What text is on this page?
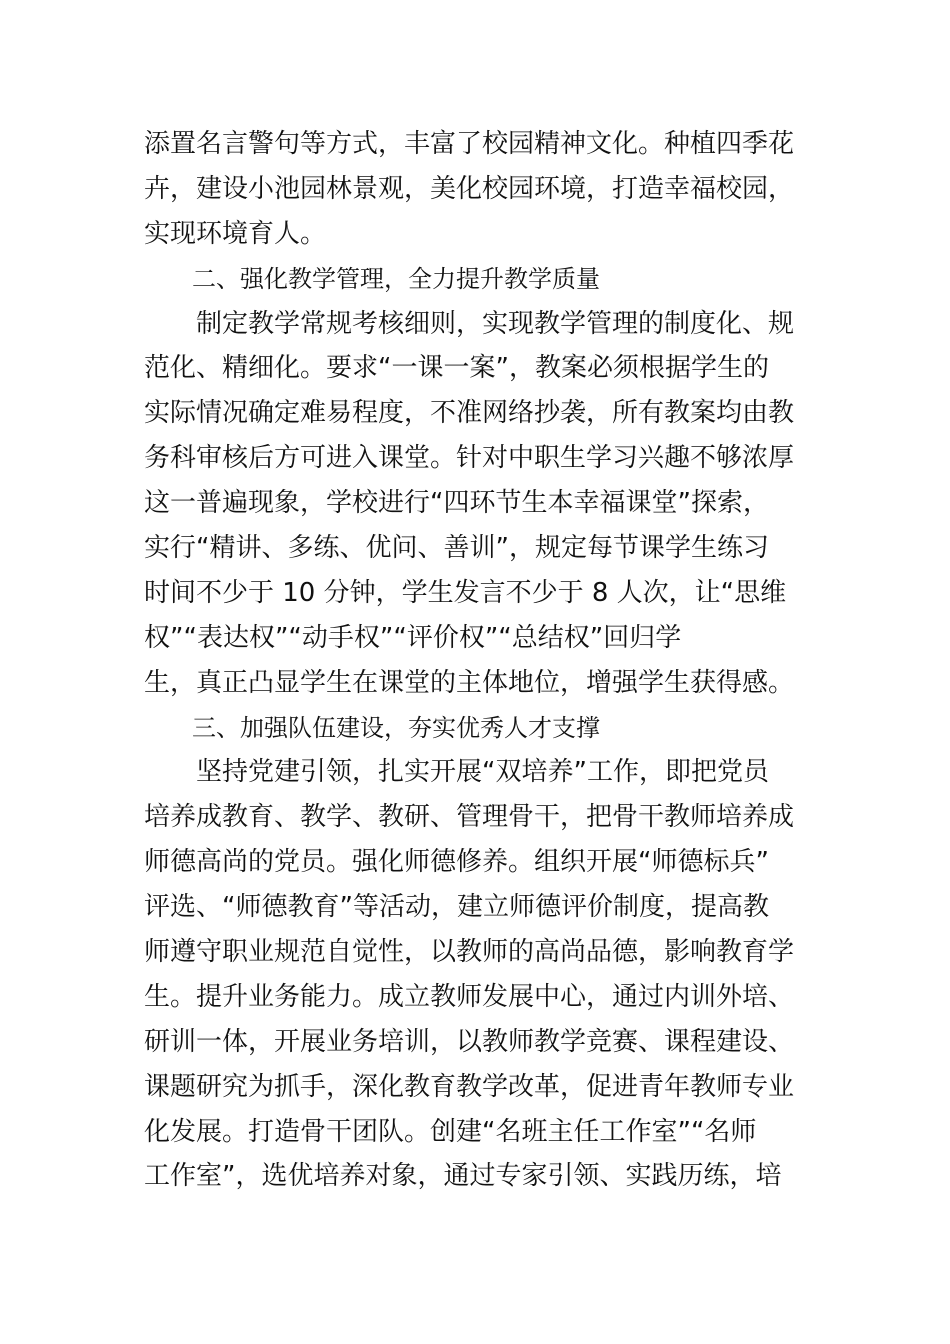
添置名言警句等方式，丰富了校园精神文化。种植四季花
卉，建设小池园林景观，美化校园环境，打造幸福校园，
实现环境育人。
　　二、强化教学管理，全力提升教学质量
　　制定教学常规考核细则，实现教学管理的制度化、规
范化、精细化。要求“一课一案”，教案必须根据学生的
实际情况确定难易程度，不准网络抄袭，所有教案均由教
务科审核后方可进入课堂。针对中职生学习兴趣不够浓厚
这一普遍现象，学校进行“四环节生本幸福课堂”探索，
实行“精讲、多练、优问、善训”，规定每节课学生练习
时间不少于 10 分钟，学生发言不少于 8 人次，让“思维
权”“表达权”“动手权”“评价权”“总结权”回归学
生，真正凸显学生在课堂的主体地位，增强学生获得感。
　　三、加强队伍建设，夯实优秀人才支撑
　　坚持党建引领，扎实开展“双培养”工作，即把党员
培养成教育、教学、教研、管理骨干，把骨干教师培养成
师德高尚的党员。强化师德修养。组织开展“师德标兵”
评选、“师德教育”等活动，建立师德评价制度，提高教
师遵守职业规范自觉性，以教师的高尚品德，影响教育学
生。提升业务能力。成立教师发展中心，通过内训外培、
研训一体，开展业务培训，以教师教学竞赛、课程建设、
课题研究为抓手，深化教育教学改革，促进青年教师专业
化发展。打造骨干团队。创建“名班主任工作室”“名师
工作室”，选优培养对象，通过专家引领、实践历练，培
